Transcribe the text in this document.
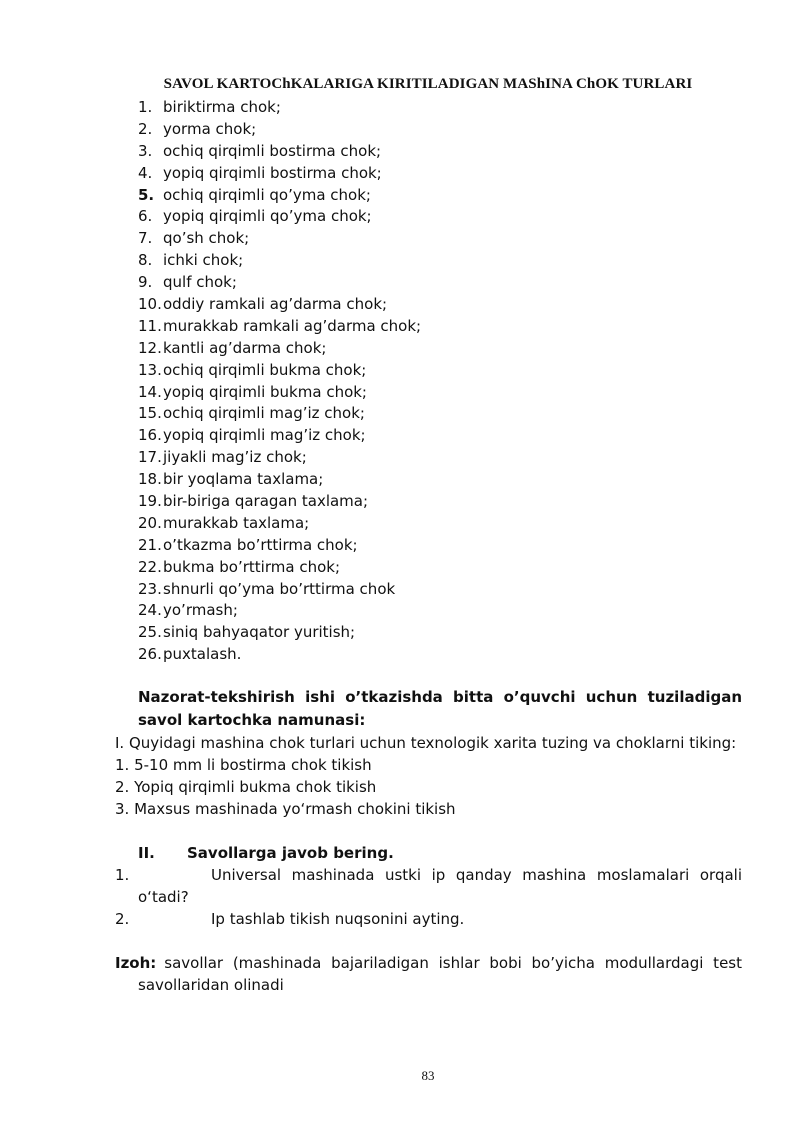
SAVOL KARTOChKALARIGA KIRITILADIGAN MAShINA ChOK TURLARI
1. biriktirma chok;
2. yorma chok;
3. ochiq qirqimli bostirma chok;
4. yopiq qirqimli bostirma chok;
5. ochiq qirqimli qo’yma chok;
6. yopiq qirqimli qo’yma chok;
7. qo’sh chok;
8. ichki chok;
9. qulf chok;
10.oddiy ramkali ag’darma chok;
11.murakkab ramkali ag’darma chok;
12.kantli ag’darma chok;
13.ochiq qirqimli bukma chok;
14.yopiq qirqimli bukma chok;
15.ochiq qirqimli mag’iz chok;
16.yopiq qirqimli mag’iz chok;
17.jiyakli mag’iz chok;
18.bir yoqlama taxlama;
19.bir-biriga qaragan taxlama;
20.murakkab taxlama;
21.o’tkazma bo’rttirma chok;
22.bukma bo’rttirma chok;
23.shnurli qo’yma bo’rttirma chok
24.yo’rmash;
25.siniq bahyaqator yuritish;
26.puxtalash.
Nazorat-tekshirish ishi o’tkazishda bitta o’quvchi uchun tuziladigan savol kartochka namunasi:
I. Quyidagi mashina chok turlari uchun texnologik xarita tuzing va choklarni tiking:
1. 5-10 mm li bostirma chok tikish
2. Yopiq qirqimli bukma chok tikish
3. Maxsus mashinada yo‘rmash chokini tikish
II. Savollarga javob bering.
1.	Universal mashinada ustki ip qanday mashina moslamalari orqali
o‘tadi?
2.	Ip tashlab tikish nuqsonini ayting.
Izoh: savollar (mashinada bajariladigan ishlar bobi bo’yicha modullardagi test
savollaridan olinadi
83
